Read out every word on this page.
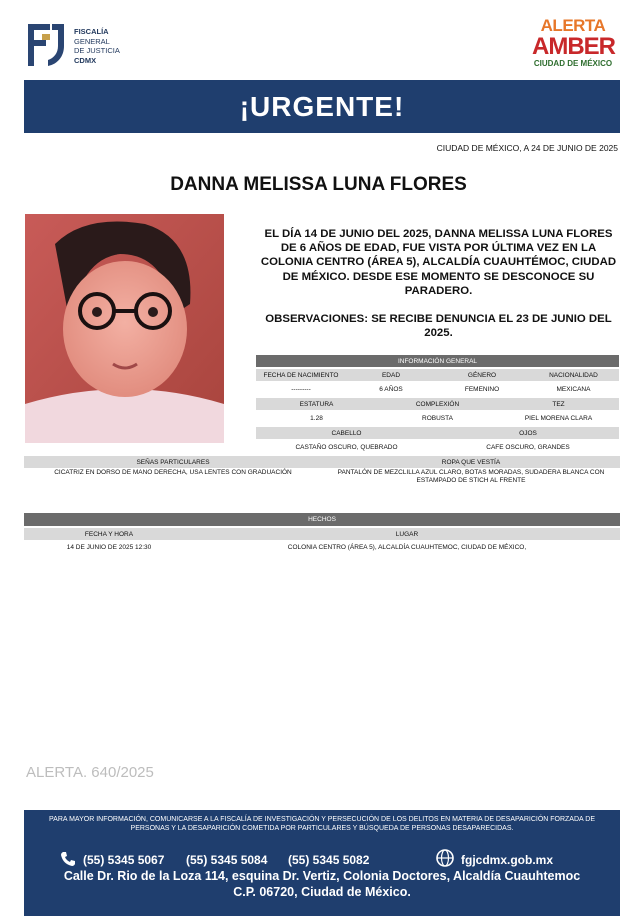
FISCALÍA
GENERAL
DE JUSTICIA
CDMX
ALERTA
AMBER
CIUDAD DE MÉXICO
¡URGENTE!
CIUDAD DE MÉXICO, A 24 DE JUNIO DE 2025
DANNA MELISSA LUNA FLORES
EL DÍA 14 DE JUNIO DEL 2025, DANNA MELISSA LUNA FLORES DE 6 AÑOS DE EDAD, FUE VISTA POR ÚLTIMA VEZ EN LA COLONIA CENTRO (ÁREA 5), ALCALDÍA CUAUHTÉMOC, CIUDAD DE MÉXICO. DESDE ESE MOMENTO SE DESCONOCE SU PARADERO.
OBSERVACIONES: SE RECIBE DENUNCIA EL 23 DE JUNIO DEL 2025.
INFORMACIÓN GENERAL
FECHA DE NACIMIENTO	EDAD	GÉNERO	NACIONALIDAD
---------	6 AÑOS	FEMENINO	MEXICANA
ESTATURA	COMPLEXIÓN	TEZ
1.28	ROBUSTA	PIEL MORENA CLARA
CABELLO	OJOS
CASTAÑO OSCURO, QUEBRADO	CAFE OSCURO, GRANDES
SEÑAS PARTICULARES	ROPA QUE VESTÍA
CICATRIZ EN DORSO DE MANO DERECHA, USA LENTES CON GRADUACIÓN	PANTALÓN DE MEZCLILLA AZUL CLARO, BOTAS MORADAS, SUDADERA BLANCA CON ESTAMPADO DE STICH AL FRENTE
HECHOS
FECHA Y HORA	LUGAR
14 DE JUNIO DE 2025 12:30	COLONIA CENTRO (ÁREA 5), ALCALDÍA CUAUHTEMOC, CIUDAD DE MÉXICO,
ALERTA. 640/2025
PARA MAYOR INFORMACIÓN, COMUNICARSE A LA FISCALÍA DE INVESTIGACIÓN Y PERSECUCIÓN DE LOS DELITOS EN MATERIA DE DESAPARICIÓN FORZADA DE PERSONAS Y LA DESAPARICIÓN COMETIDA POR PARTICULARES Y BÚSQUEDA DE PERSONAS DESAPARECIDAS.
(55) 5345 5067 (55) 5345 5084 (55) 5345 5082	fgjcdmx.gob.mx
Calle Dr. Rio de la Loza 114, esquina Dr. Vertiz, Colonia Doctores, Alcaldía Cuauhtemoc
C.P. 06720, Ciudad de México.
